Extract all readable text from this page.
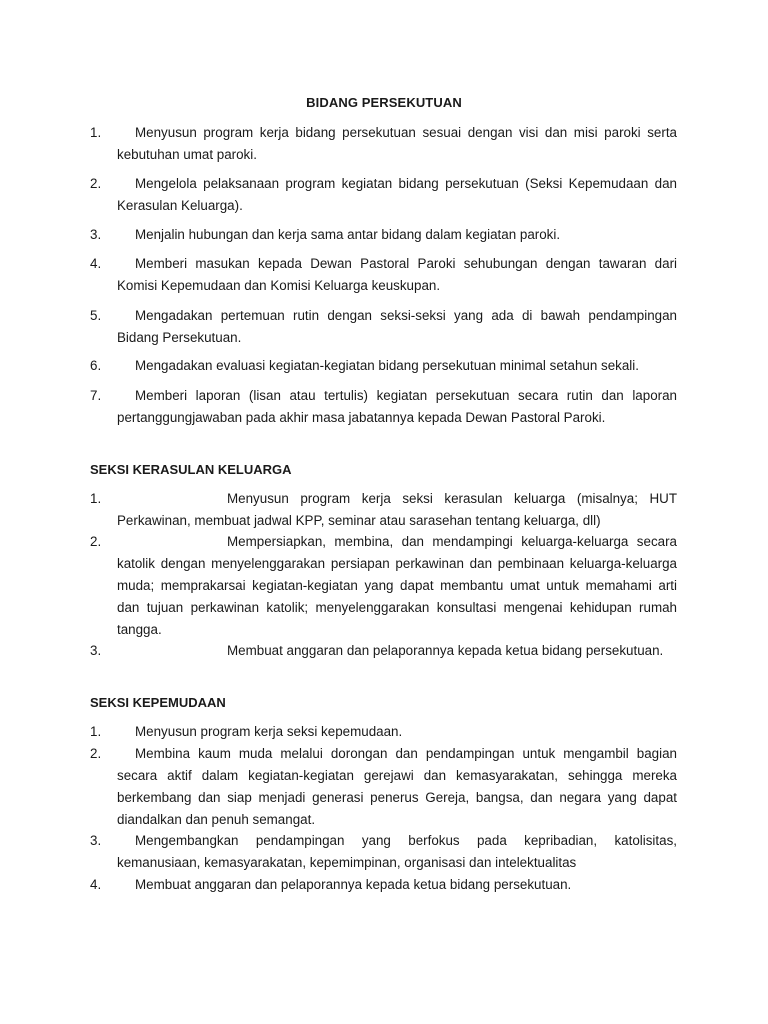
BIDANG PERSEKUTUAN
1.	Menyusun program kerja bidang persekutuan sesuai dengan visi dan misi paroki serta kebutuhan umat paroki.
2.	Mengelola pelaksanaan program kegiatan bidang persekutuan (Seksi Kepemudaan dan Kerasulan Keluarga).
3.	Menjalin hubungan dan kerja sama antar bidang dalam kegiatan paroki.
4.	Memberi masukan kepada Dewan Pastoral Paroki sehubungan dengan tawaran dari Komisi Kepemudaan dan Komisi Keluarga keuskupan.
5.	Mengadakan pertemuan rutin dengan seksi-seksi yang ada di bawah pendampingan Bidang Persekutuan.
6.	Mengadakan evaluasi kegiatan-kegiatan bidang persekutuan minimal setahun sekali.
7.	Memberi laporan (lisan atau tertulis) kegiatan persekutuan secara rutin dan laporan pertanggungjawaban pada akhir masa jabatannya kepada Dewan Pastoral Paroki.
SEKSI KERASULAN KELUARGA
1.	Menyusun program kerja seksi kerasulan keluarga (misalnya; HUT Perkawinan, membuat jadwal KPP, seminar atau sarasehan tentang keluarga, dll)
2.	Mempersiapkan, membina, dan mendampingi keluarga-keluarga secara katolik dengan menyelenggarakan persiapan perkawinan dan pembinaan keluarga-keluarga muda; memprakarsai kegiatan-kegiatan yang dapat membantu umat untuk memahami arti dan tujuan perkawinan katolik; menyelenggarakan konsultasi mengenai kehidupan rumah tangga.
3.	Membuat anggaran dan pelaporannya kepada ketua bidang persekutuan.
SEKSI KEPEMUDAAN
1.	Menyusun program kerja seksi kepemudaan.
2.	Membina kaum muda melalui dorongan dan pendampingan untuk mengambil bagian secara aktif dalam kegiatan-kegiatan gerejawi dan kemasyarakatan, sehingga mereka berkembang dan siap menjadi generasi penerus Gereja, bangsa, dan negara yang dapat diandalkan dan penuh semangat.
3.	Mengembangkan pendampingan yang berfokus pada kepribadian, katolisitas, kemanusiaan, kemasyarakatan, kepemimpinan, organisasi dan intelektualitas
4.	Membuat anggaran dan pelaporannya kepada ketua bidang persekutuan.
